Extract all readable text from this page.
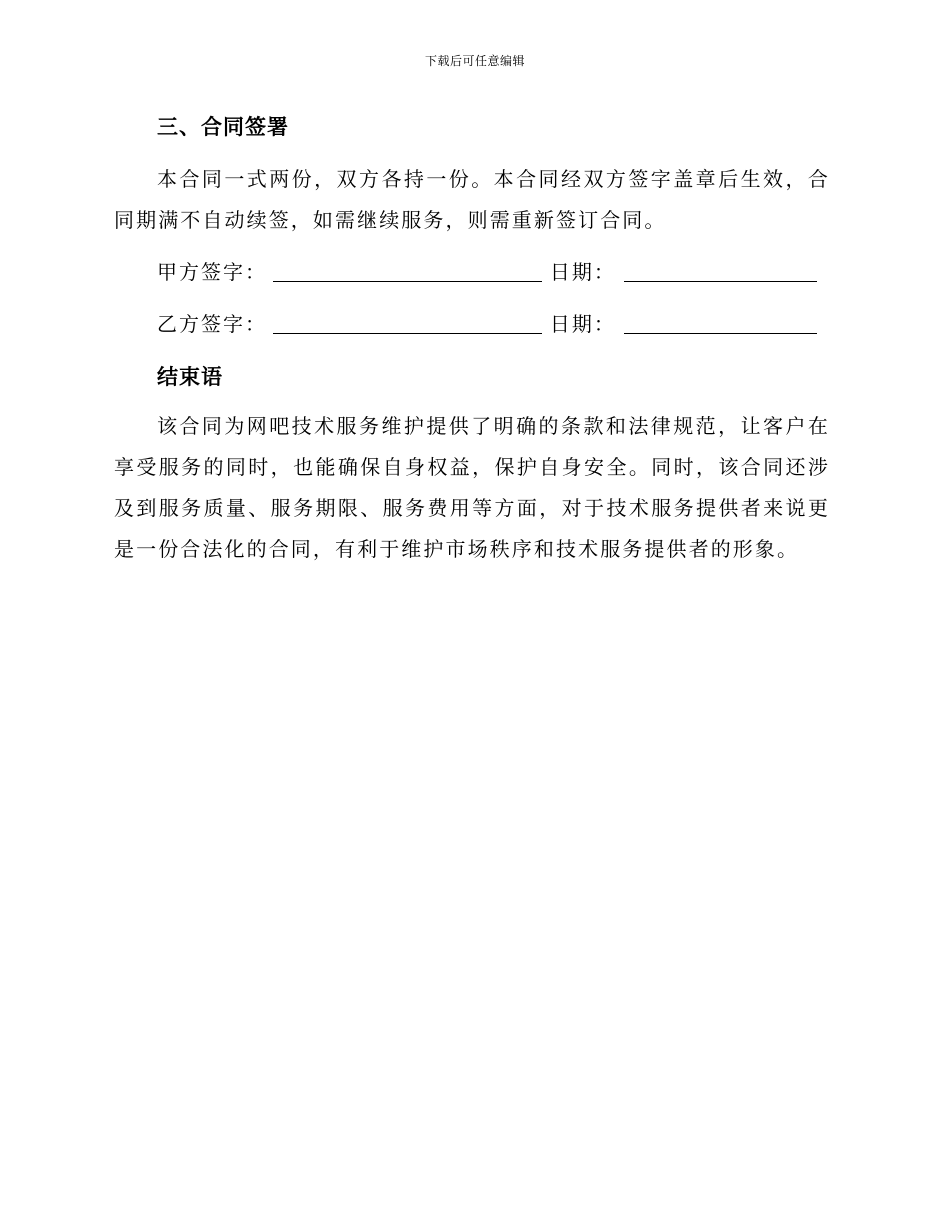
下载后可任意编辑
三、合同签署
本合同一式两份，双方各持一份。本合同经双方签字盖章后生效，合同期满不自动续签，如需继续服务，则需重新签订合同。
甲方签字：	日期：
乙方签字：	日期：
结束语
该合同为网吧技术服务维护提供了明确的条款和法律规范，让客户在享受服务的同时，也能确保自身权益，保护自身安全。同时，该合同还涉及到服务质量、服务期限、服务费用等方面，对于技术服务提供者来说更是一份合法化的合同，有利于维护市场秩序和技术服务提供者的形象。
